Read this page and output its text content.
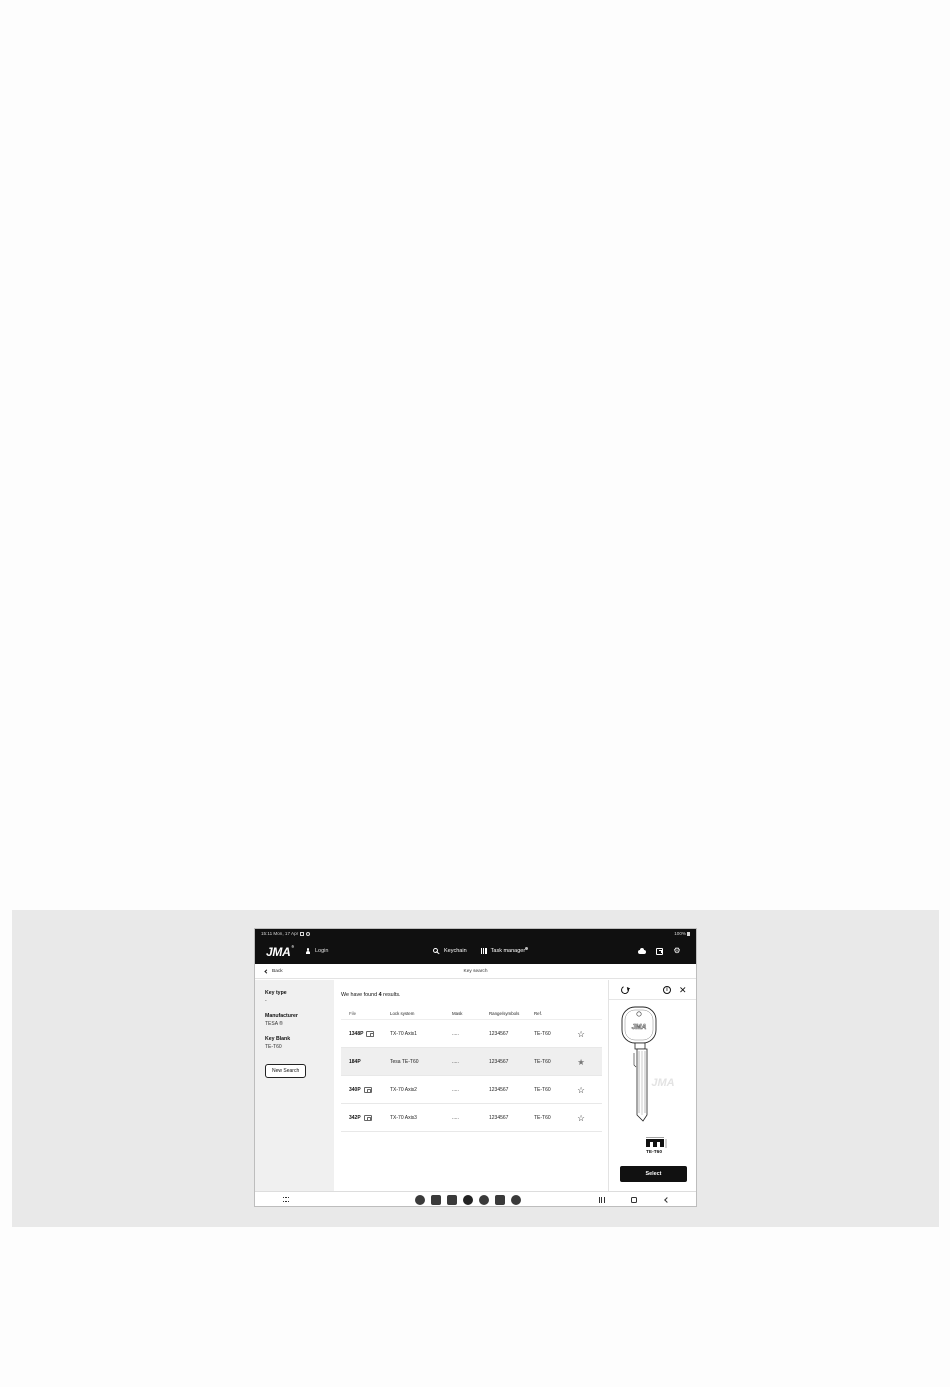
15:11 Mon, 17 Apr	100%
JMA®
Login	Keychain	Task manager	⚙
Back	Key search
Key type
-
Manufacturer
TESA ®
Key Blank
TE-T60
New Search
We have found 4 results.
File	Lock system	Mask	Range/symbols	Ref.
1348P	TX-70 Axis1	.....	1234567	TE-T60	☆
184P	Tesa TE-T60	.....	1234567	TE-T60	★
340P	TX-70 Axis2	.....	1234567	TE-T60	☆
342P	TX-70 Axis3	.....	1234567	TE-T60	☆
i	✕
JMA
JMA
TE-T60
Select
